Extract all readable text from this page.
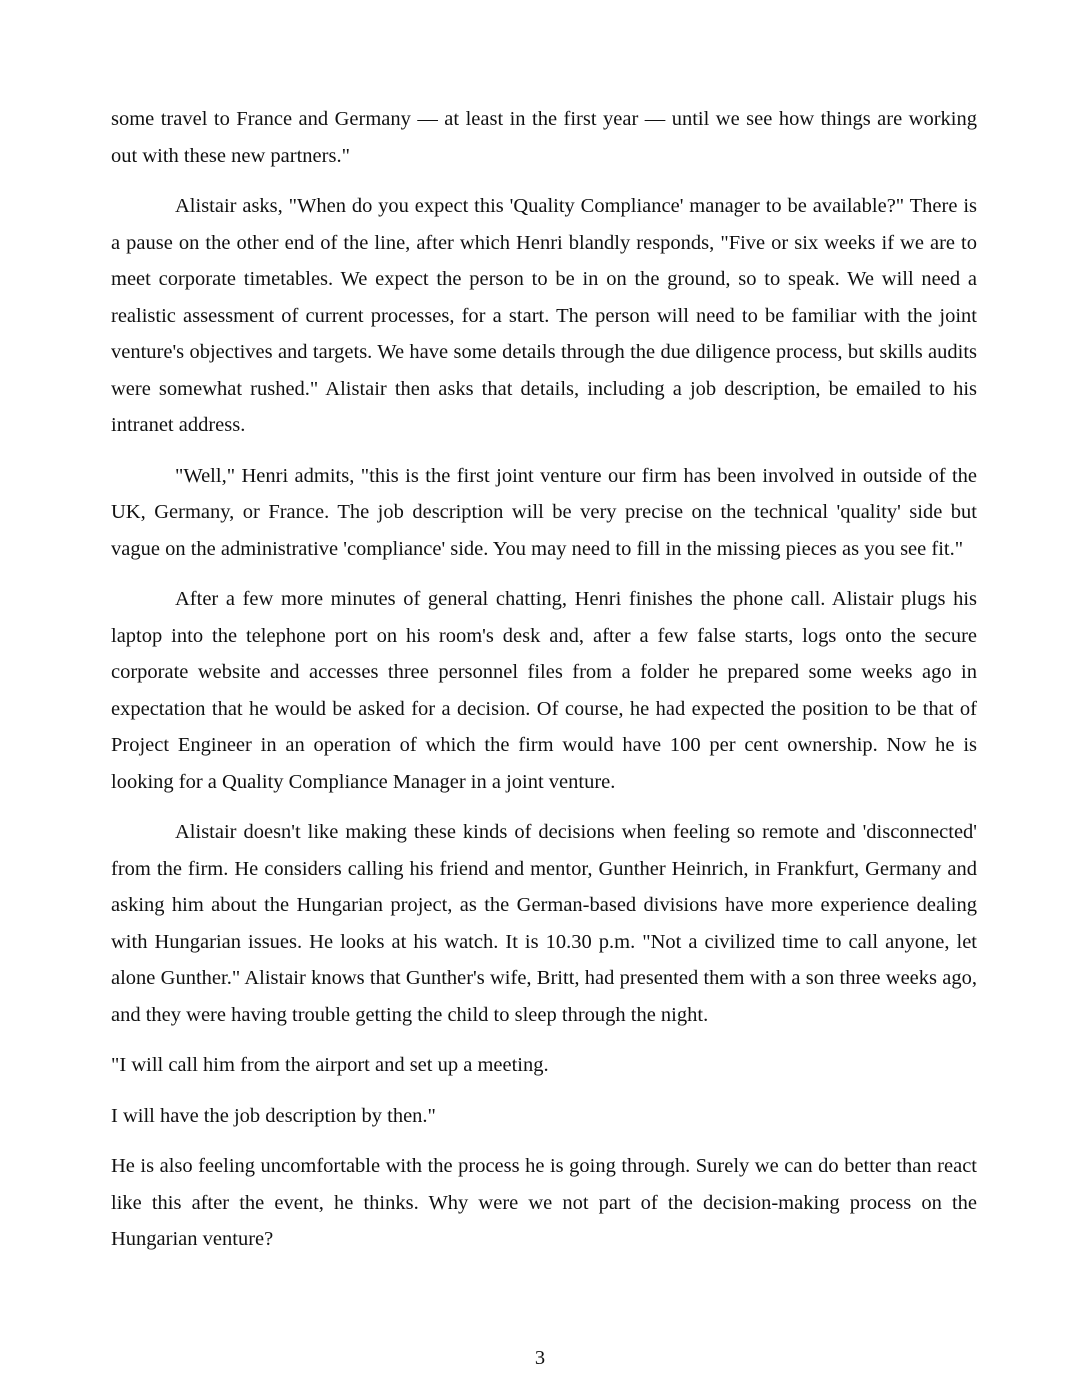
some travel to France and Germany — at least in the first year — until we see how things are working out with these new partners."

Alistair asks, "When do you expect this 'Quality Compliance' manager to be available?" There is a pause on the other end of the line, after which Henri blandly responds, "Five or six weeks if we are to meet corporate timetables. We expect the person to be in on the ground, so to speak. We will need a realistic assessment of current processes, for a start. The person will need to be familiar with the joint venture's objectives and targets. We have some details through the due diligence process, but skills audits were somewhat rushed." Alistair then asks that details, including a job description, be emailed to his intranet address.

"Well," Henri admits, "this is the first joint venture our firm has been involved in outside of the UK, Germany, or France. The job description will be very precise on the technical 'quality' side but vague on the administrative 'compliance' side. You may need to fill in the missing pieces as you see fit."

After a few more minutes of general chatting, Henri finishes the phone call. Alistair plugs his laptop into the telephone port on his room's desk and, after a few false starts, logs onto the secure corporate website and accesses three personnel files from a folder he prepared some weeks ago in expectation that he would be asked for a decision. Of course, he had expected the position to be that of Project Engineer in an operation of which the firm would have 100 per cent ownership. Now he is looking for a Quality Compliance Manager in a joint venture.

Alistair doesn't like making these kinds of decisions when feeling so remote and 'disconnected' from the firm. He considers calling his friend and mentor, Gunther Heinrich, in Frankfurt, Germany and asking him about the Hungarian project, as the German-based divisions have more experience dealing with Hungarian issues. He looks at his watch. It is 10.30 p.m. "Not a civilized time to call anyone, let alone Gunther." Alistair knows that Gunther's wife, Britt, had presented them with a son three weeks ago, and they were having trouble getting the child to sleep through the night.

"I will call him from the airport and set up a meeting.

I will have the job description by then."

He is also feeling uncomfortable with the process he is going through. Surely we can do better than react like this after the event, he thinks. Why were we not part of the decision-making process on the Hungarian venture?

3
